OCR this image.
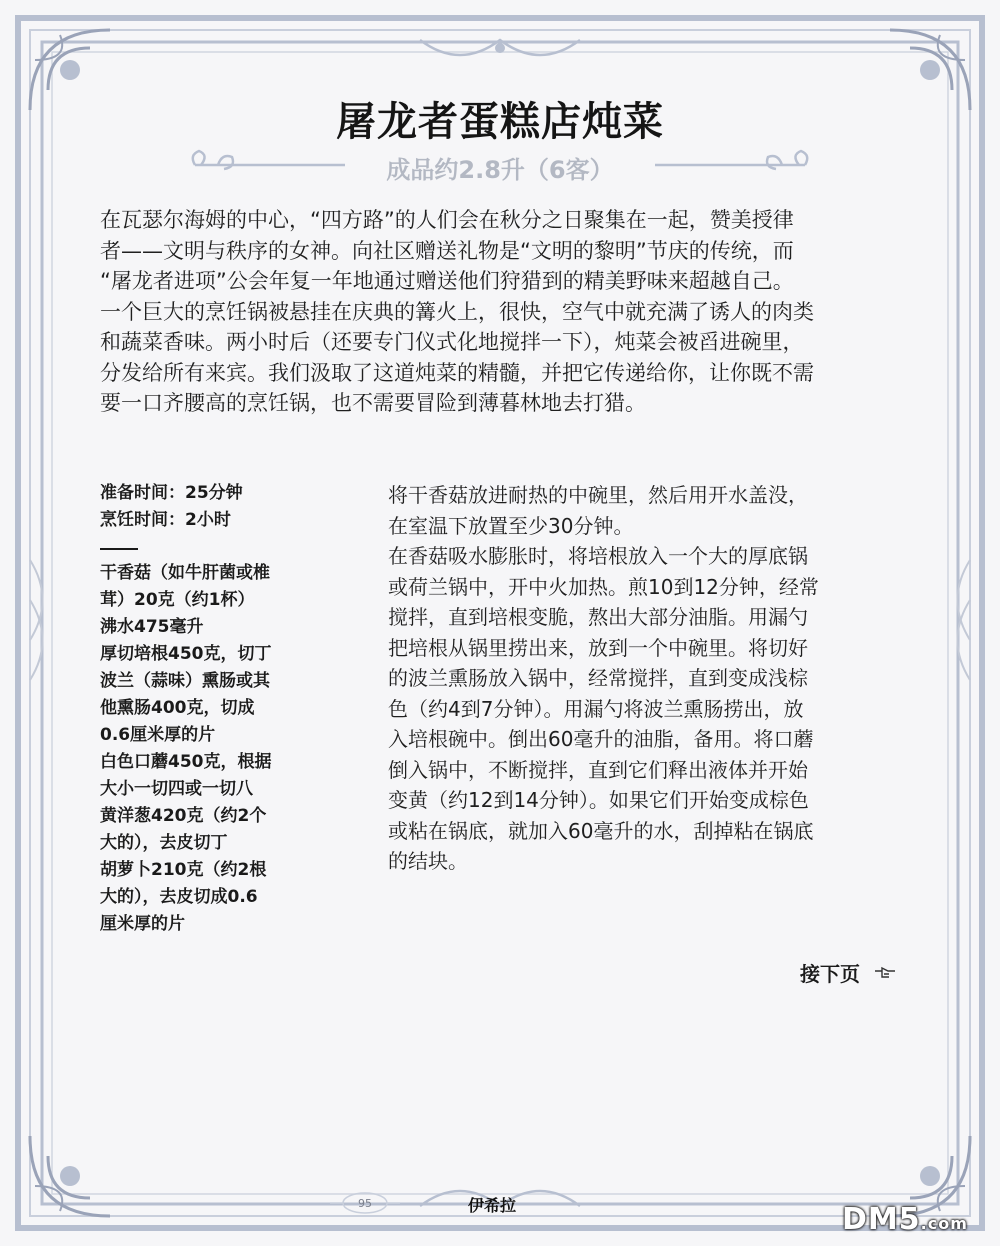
屠龙者蛋糕店炖菜
成品约2.8升（6客）

在瓦瑟尔海姆的中心，“四方路”的人们会在秋分之日聚集在一起，赞美授律
者——文明与秩序的女神。向社区赠送礼物是“文明的黎明”节庆的传统，而
“屠龙者进项”公会年复一年地通过赠送他们狩猎到的精美野味来超越自己。
一个巨大的烹饪锅被悬挂在庆典的篝火上，很快，空气中就充满了诱人的肉类
和蔬菜香味。两小时后（还要专门仪式化地搅拌一下），炖菜会被舀进碗里，
分发给所有来宾。我们汲取了这道炖菜的精髓，并把它传递给你，让你既不需
要一口齐腰高的烹饪锅，也不需要冒险到薄暮林地去打猎。

准备时间：25分钟
烹饪时间：2小时
干香菇（如牛肝菌或椎
茸）20克（约1杯）
沸水475毫升
厚切培根450克，切丁
波兰（蒜味）熏肠或其
他熏肠400克，切成
0.6厘米厚的片
白色口蘑450克，根据
大小一切四或一切八
黄洋葱420克（约2个
大的），去皮切丁
胡萝卜210克（约2根
大的），去皮切成0.6
厘米厚的片
将干香菇放进耐热的中碗里，然后用开水盖没，
在室温下放置至少30分钟。
在香菇吸水膨胀时，将培根放入一个大的厚底锅
或荷兰锅中，开中火加热。煎10到12分钟，经常
搅拌，直到培根变脆，熬出大部分油脂。用漏勺
把培根从锅里捞出来，放到一个中碗里。将切好
的波兰熏肠放入锅中，经常搅拌，直到变成浅棕
色（约4到7分钟）。用漏勺将波兰熏肠捞出，放
入培根碗中。倒出60毫升的油脂，备用。将口蘑
倒入锅中，不断搅拌，直到它们释出液体并开始
变黄（约12到14分钟）。如果它们开始变成棕色
或粘在锅底，就加入60毫升的水，刮掉粘在锅底
的结块。
接下页
95	伊希拉	DM5.com
